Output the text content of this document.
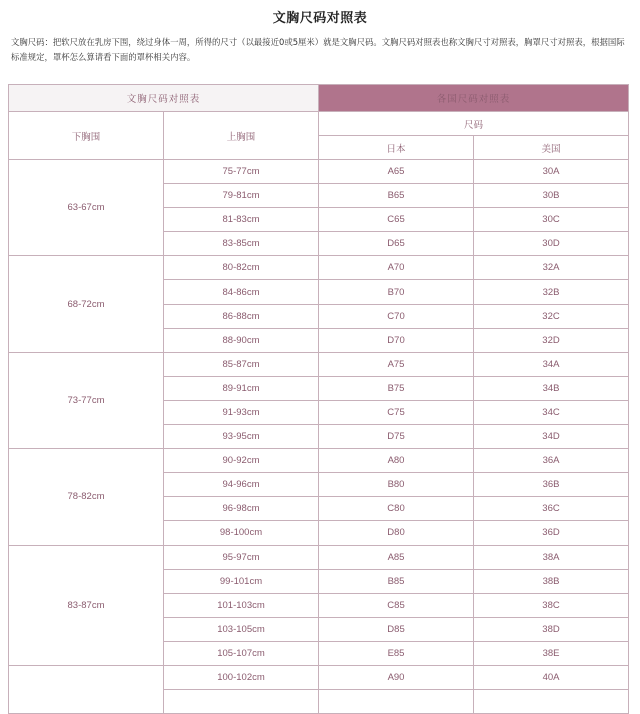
文胸尺码对照表
文胸尺码：把软尺放在乳房下围，绕过身体一周，所得的尺寸（以最接近0或5厘米）就是文胸尺码。文胸尺码对照表也称文胸尺寸对照表，胸罩尺寸对照表，根据国际标准规定，罩杯怎么算请看下面的罩杯相关内容。
文胸尺码对照表		各国尺码对照表	
下胸围	上胸围	尺码	
		日本	美国
63-67cm	75-77cm	A65	30A
	79-81cm	B65	30B
	81-83cm	C65	30C
	83-85cm	D65	30D
68-72cm	80-82cm	A70	32A
	84-86cm	B70	32B
	86-88cm	C70	32C
	88-90cm	D70	32D
73-77cm	85-87cm	A75	34A
	89-91cm	B75	34B
	91-93cm	C75	34C
	93-95cm	D75	34D
78-82cm	90-92cm	A80	36A
	94-96cm	B80	36B
	96-98cm	C80	36C
	98-100cm	D80	36D
83-87cm	95-97cm	A85	38A
	99-101cm	B85	38B
	101-103cm	C85	38C
	103-105cm	D85	38D
	105-107cm	E85	38E
	100-102cm	A90	40A
